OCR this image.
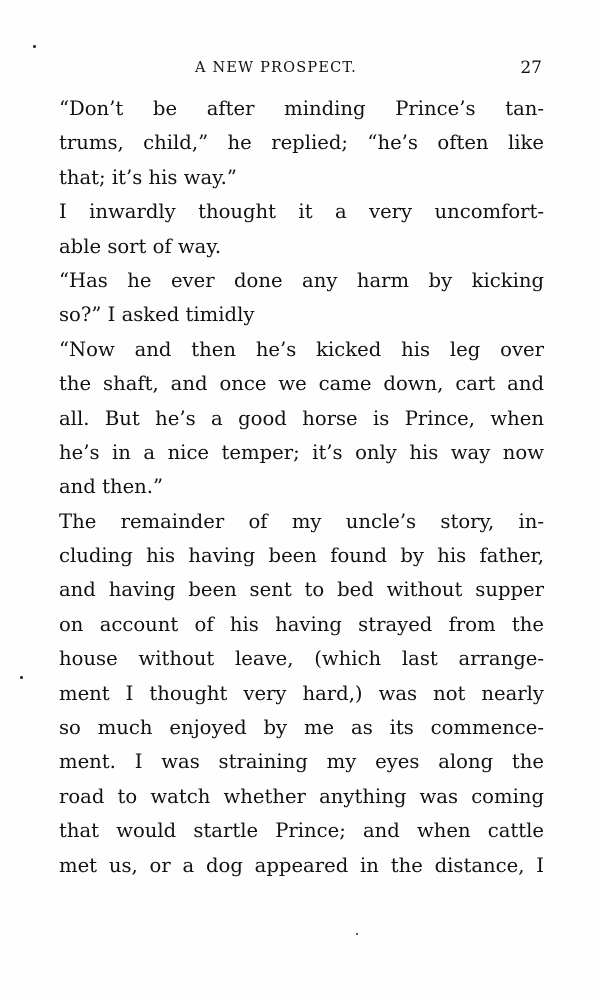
A NEW PROSPECT.	27
“Don’t be after minding Prince’s tan-
trums, child,” he replied; “he’s often like
that; it’s his way.”
I inwardly thought it a very uncomfort-
able sort of way.
“Has he ever done any harm by kicking
so?” I asked timidly
“Now and then he’s kicked his leg over
the shaft, and once we came down, cart and
all. But he’s a good horse is Prince, when
he’s in a nice temper; it’s only his way now
and then.”
The remainder of my uncle’s story, in-
cluding his having been found by his father,
and having been sent to bed without supper
on account of his having strayed from the
house without leave, (which last arrange-
ment I thought very hard,) was not nearly
so much enjoyed by me as its commence-
ment. I was straining my eyes along the
road to watch whether anything was coming
that would startle Prince; and when cattle
met us, or a dog appeared in the distance, I
